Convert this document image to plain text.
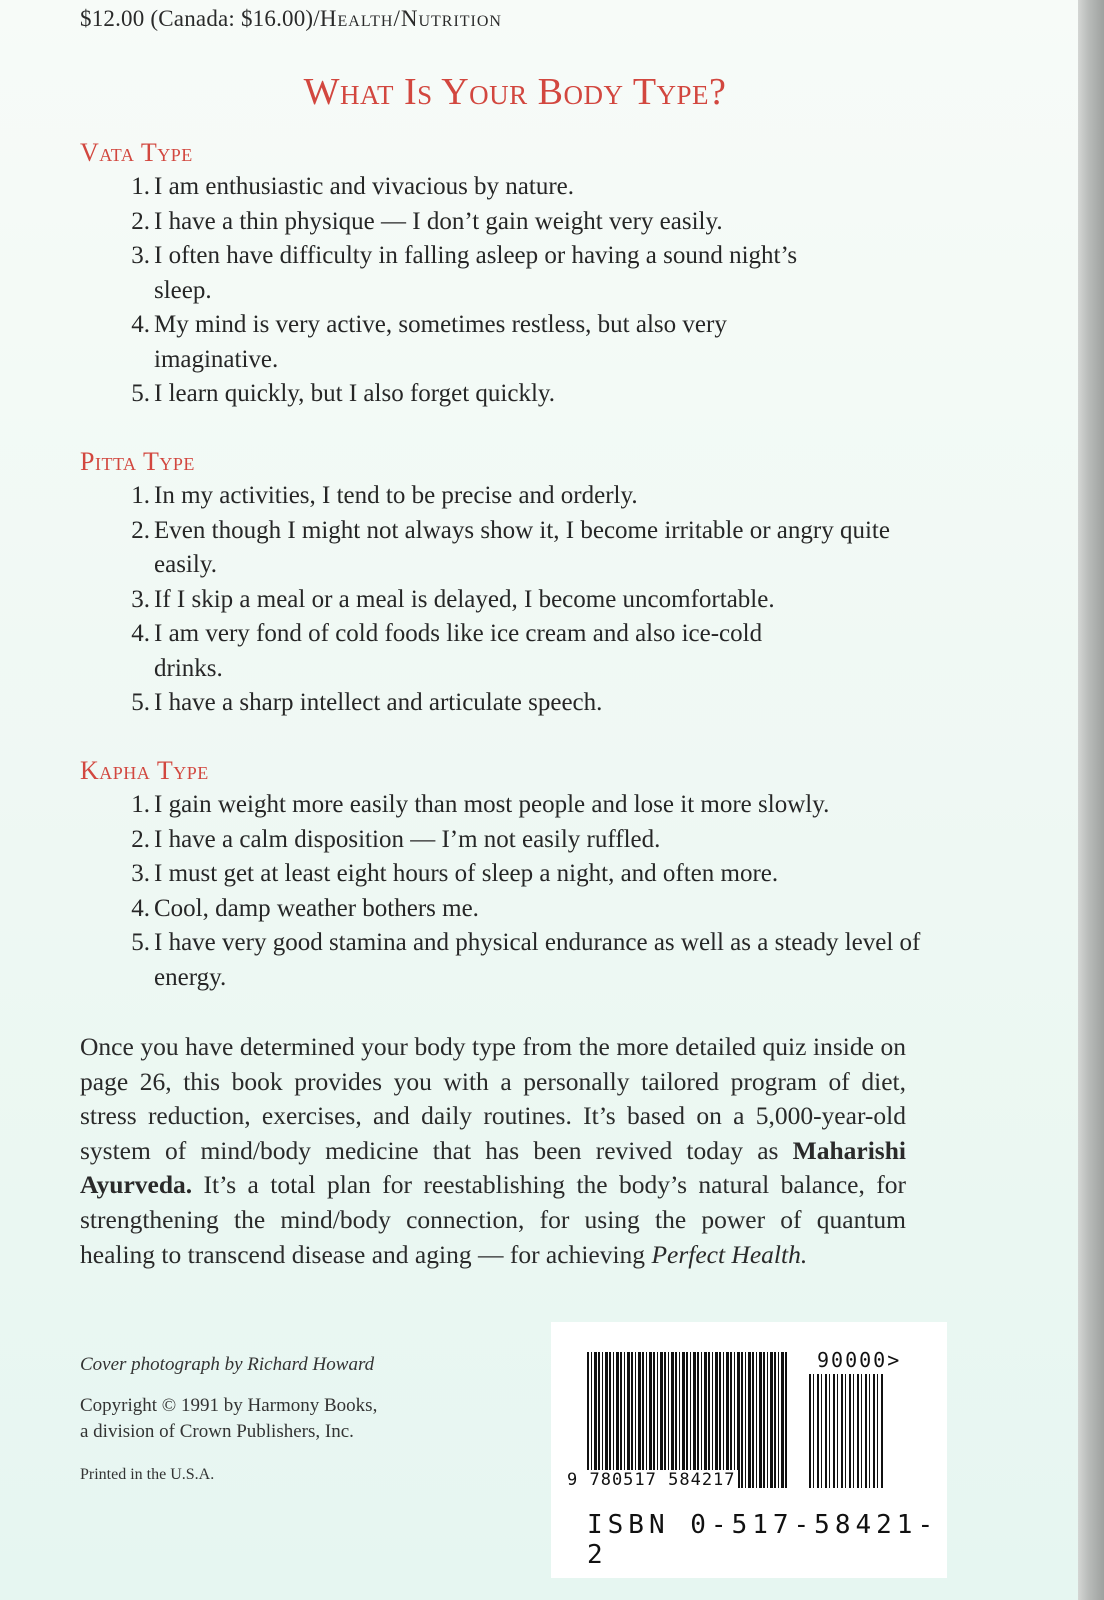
$12.00 (Canada: $16.00)/Health/Nutrition
What Is Your Body Type?
Vata Type
1. I am enthusiastic and vivacious by nature.
2. I have a thin physique — I don’t gain weight very easily.
3. I often have difficulty in falling asleep or having a sound night’s sleep.
4. My mind is very active, sometimes restless, but also very imaginative.
5. I learn quickly, but I also forget quickly.
Pitta Type
1. In my activities, I tend to be precise and orderly.
2. Even though I might not always show it, I become irritable or angry quite easily.
3. If I skip a meal or a meal is delayed, I become uncomfortable.
4. I am very fond of cold foods like ice cream and also ice-cold drinks.
5. I have a sharp intellect and articulate speech.
Kapha Type
1. I gain weight more easily than most people and lose it more slowly.
2. I have a calm disposition — I’m not easily ruffled.
3. I must get at least eight hours of sleep a night, and often more.
4. Cool, damp weather bothers me.
5. I have very good stamina and physical endurance as well as a steady level of energy.
Once you have determined your body type from the more detailed quiz inside on page 26, this book provides you with a personally tailored program of diet, stress reduction, exercises, and daily routines. It’s based on a 5,000-year-old system of mind/body medicine that has been revived today as Maharishi Ayurveda. It’s a total plan for reestablishing the body’s natural balance, for strengthening the mind/body connection, for using the power of quantum healing to transcend disease and aging — for achieving Perfect Health.
Cover photograph by Richard Howard
Copyright © 1991 by Harmony Books,
a division of Crown Publishers, Inc.
Printed in the U.S.A.
90000>
9 780517 584217
ISBN 0-517-58421-2
